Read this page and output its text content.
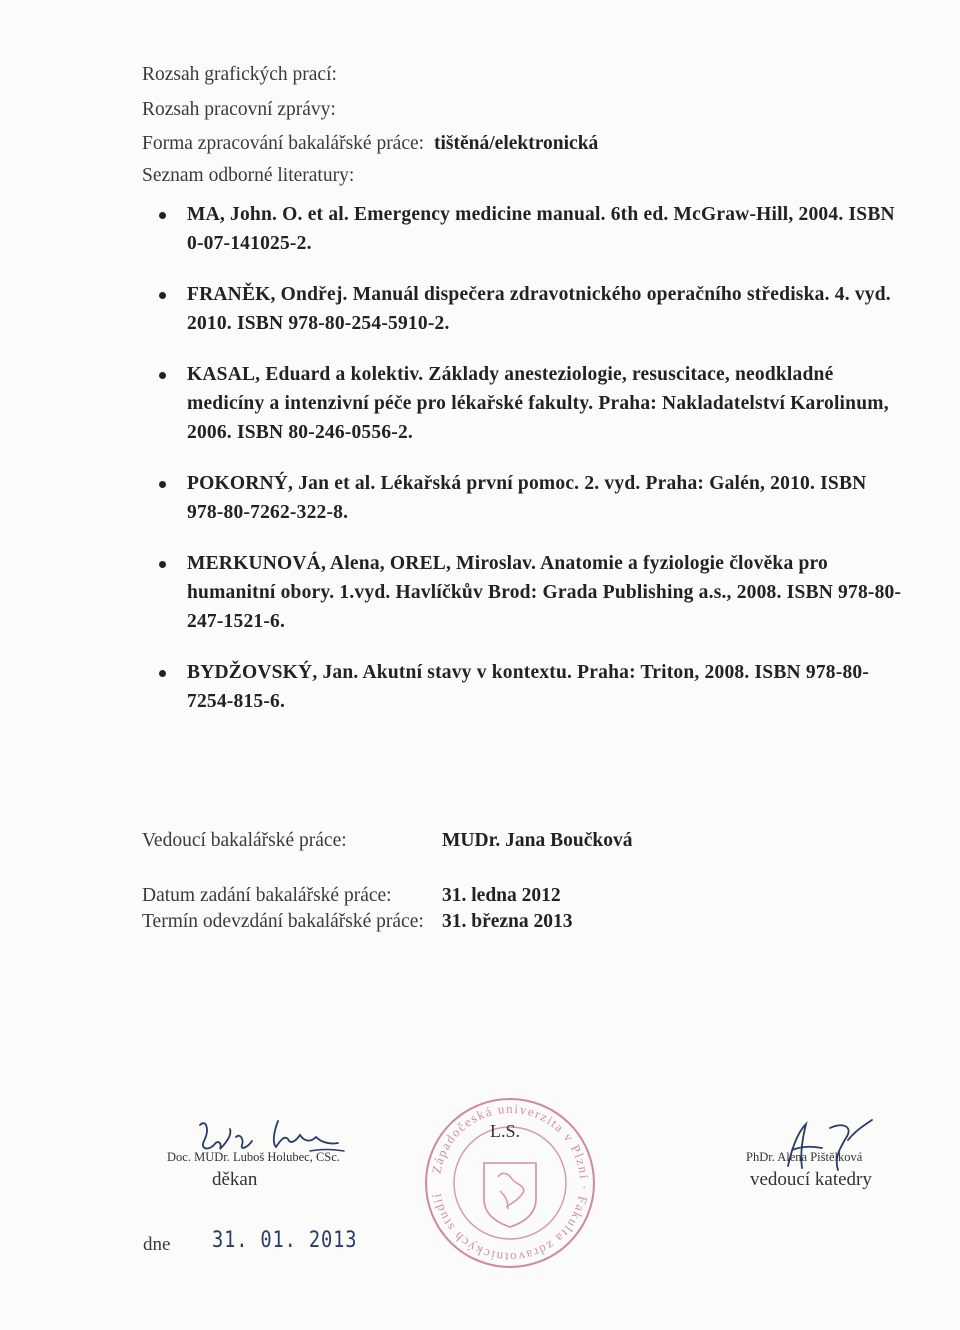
Rozsah grafických prací:
Rozsah pracovní zprávy:
Forma zpracování bakalářské práce: tištěná/elektronická
Seznam odborné literatury:
MA, John. O. et al. Emergency medicine manual. 6th ed. McGraw-Hill, 2004. ISBN 0-07-141025-2.
FRANĚK, Ondřej. Manuál dispečera zdravotnického operačního střediska. 4. vyd. 2010. ISBN 978-80-254-5910-2.
KASAL, Eduard a kolektiv. Základy anesteziologie, resuscitace, neodkladné medicíny a intenzivní péče pro lékařské fakulty. Praha: Nakladatelství Karolinum, 2006. ISBN 80-246-0556-2.
POKORNÝ, Jan et al. Lékařská první pomoc. 2. vyd. Praha: Galén, 2010. ISBN 978-80-7262-322-8.
MERKUNOVÁ, Alena, OREL, Miroslav. Anatomie a fyziologie člověka pro humanitní obory. 1.vyd. Havlíčkův Brod: Grada Publishing a.s., 2008. ISBN 978-80-247-1521-6.
BYDŽOVSKÝ, Jan. Akutní stavy v kontextu. Praha: Triton, 2008. ISBN 978-80-7254-815-6.
Vedoucí bakalářské práce:	MUDr. Jana Boučková
Datum zadání bakalářské práce:	31. ledna 2012
Termín odevzdání bakalářské práce: 31. března 2013
Doc. MUDr. Luboš Holubec, CSc.
děkan
Západočeská univerzita v Plzni · Fakulta zdravotnických studií
L.S.
PhDr. Alena Pištělková
vedoucí katedry
dne 31. 01. 2013
